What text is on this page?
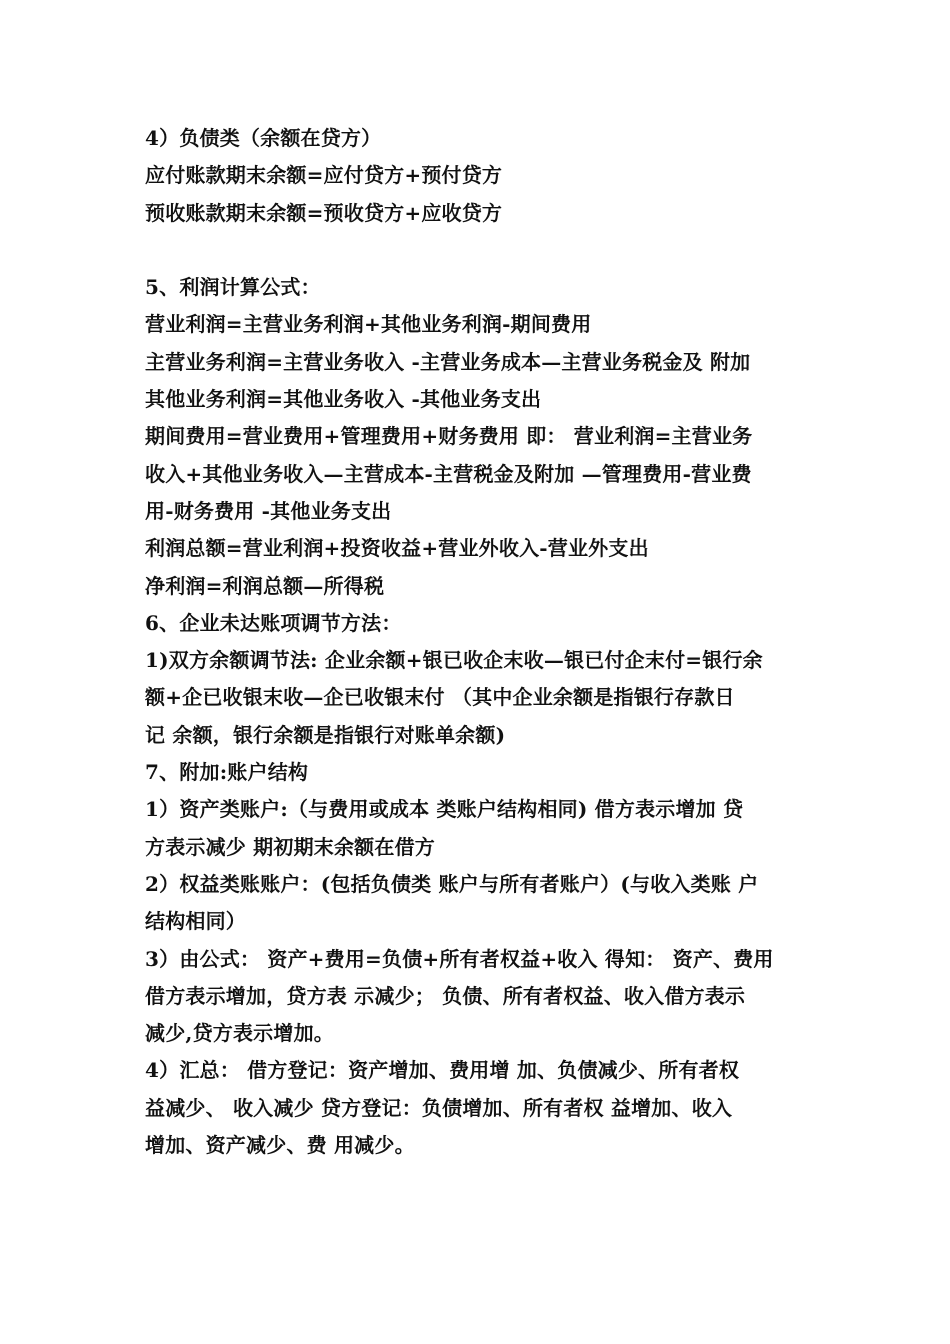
4）负债类（余额在贷方）
应付账款期末余额=应付贷方+预付贷方
预收账款期末余额=预收贷方+应收贷方
5、利润计算公式：
营业利润=主营业务利润+其他业务利润-期间费用
主营业务利润=主营业务收入 -主营业务成本—主营业务税金及 附加
其他业务利润=其他业务收入 -其他业务支出
期间费用=营业费用+管理费用+财务费用 即： 营业利润=主营业务
收入+其他业务收入—主营成本-主营税金及附加 —管理费用-营业费
用-财务费用 -其他业务支出
利润总额=营业利润+投资收益+营业外收入-营业外支出
净利润=利润总额—所得税
6、企业未达账项调节方法：
1)双方余额调节法: 企业余额+银已收企末收—银已付企末付=银行余
额+企已收银末收—企已收银末付 （其中企业余额是指银行存款日
记 余额，银行余额是指银行对账单余额)
7、附加:账户结构
1）资产类账户:（与费用或成本 类账户结构相同) 借方表示增加 贷
方表示减少 期初期末余额在借方
2）权益类账账户：(包括负债类 账户与所有者账户）(与收入类账 户
结构相同）
3）由公式： 资产+费用=负债+所有者权益+收入 得知： 资产、费用
借方表示增加，贷方表 示减少； 负债、所有者权益、收入借方表示
减少,贷方表示增加。
4）汇总： 借方登记：资产增加、费用增 加、负债减少、所有者权
益减少、 收入减少 贷方登记：负债增加、所有者权 益增加、收入
增加、资产减少、费 用减少。
